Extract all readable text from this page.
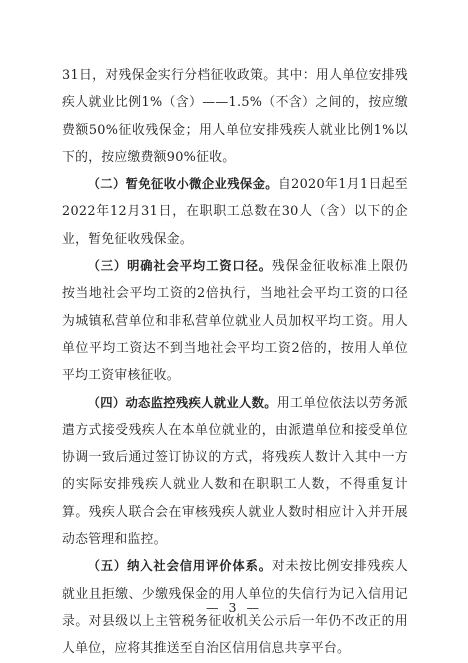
31日，对残保金实行分档征收政策。其中：用人单位安排残疾人就业比例1%（含）——1.5%（不含）之间的，按应缴费额50%征收残保金；用人单位安排残疾人就业比例1%以下的，按应缴费额90%征收。

（二）暂免征收小微企业残保金。自2020年1月1日起至2022年12月31日，在职职工总数在30人（含）以下的企业，暂免征收残保金。

（三）明确社会平均工资口径。残保金征收标准上限仍按当地社会平均工资的2倍执行，当地社会平均工资的口径为城镇私营单位和非私营单位就业人员加权平均工资。用人单位平均工资达不到当地社会平均工资2倍的，按用人单位平均工资审核征收。

（四）动态监控残疾人就业人数。用工单位依法以劳务派遣方式接受残疾人在本单位就业的，由派遣单位和接受单位协调一致后通过签订协议的方式，将残疾人数计入其中一方的实际安排残疾人就业人数和在职职工人数，不得重复计算。残疾人联合会在审核残疾人就业人数时相应计入并开展动态管理和监控。

（五）纳入社会信用评价体系。对未按比例安排残疾人就业且拒缴、少缴残保金的用人单位的失信行为记入信用记录。对县级以上主管税务征收机关公示后一年仍不改正的用人单位，应将其推送至自治区信用信息共享平台。

— 3 —
